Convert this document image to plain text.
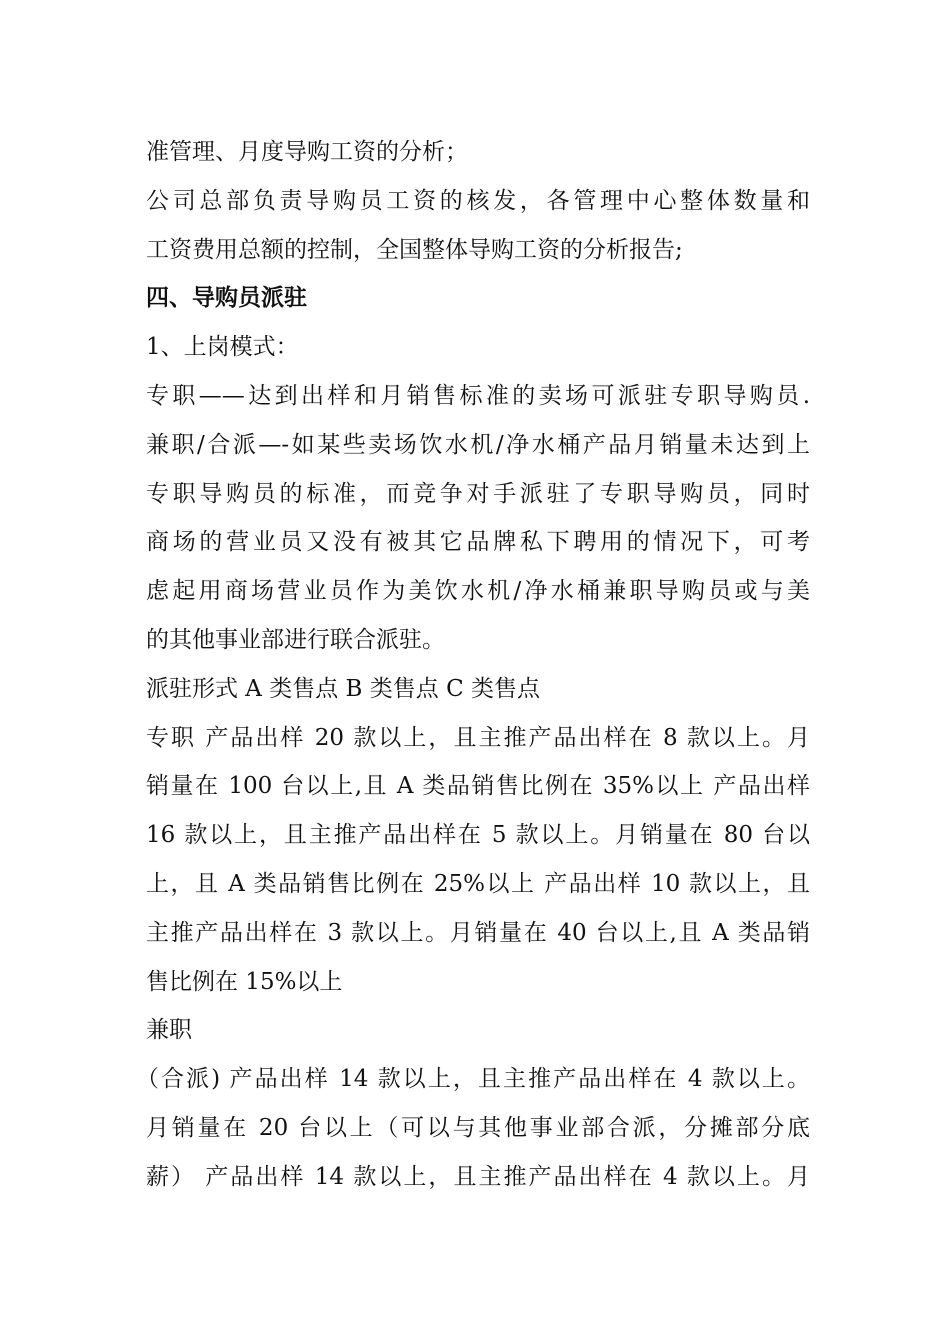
准管理、月度导购工资的分析；
公司总部负责导购员工资的核发，各管理中心整体数量和
工资费用总额的控制，全国整体导购工资的分析报告;
四、导购员派驻
1、上岗模式：
专职——达到出样和月销售标准的卖场可派驻专职导购员.
兼职/合派—-如某些卖场饮水机/净水桶产品月销量未达到上
专职导购员的标准，而竞争对手派驻了专职导购员，同时
商场的营业员又没有被其它品牌私下聘用的情况下，可考
虑起用商场营业员作为美饮水机/净水桶兼职导购员或与美
的其他事业部进行联合派驻。
派驻形式 A 类售点 B 类售点 C 类售点
专职 产品出样 20 款以上，且主推产品出样在 8 款以上。月
销量在 100 台以上,且 A 类品销售比例在 35%以上 产品出样
16 款以上，且主推产品出样在 5 款以上。月销量在 80 台以
上，且 A 类品销售比例在 25%以上 产品出样 10 款以上，且
主推产品出样在 3 款以上。月销量在 40 台以上,且 A 类品销
售比例在 15%以上
兼职
（合派) 产品出样 14 款以上，且主推产品出样在 4 款以上。
月销量在 20 台以上（可以与其他事业部合派，分摊部分底
薪） 产品出样 14 款以上，且主推产品出样在 4 款以上。月
